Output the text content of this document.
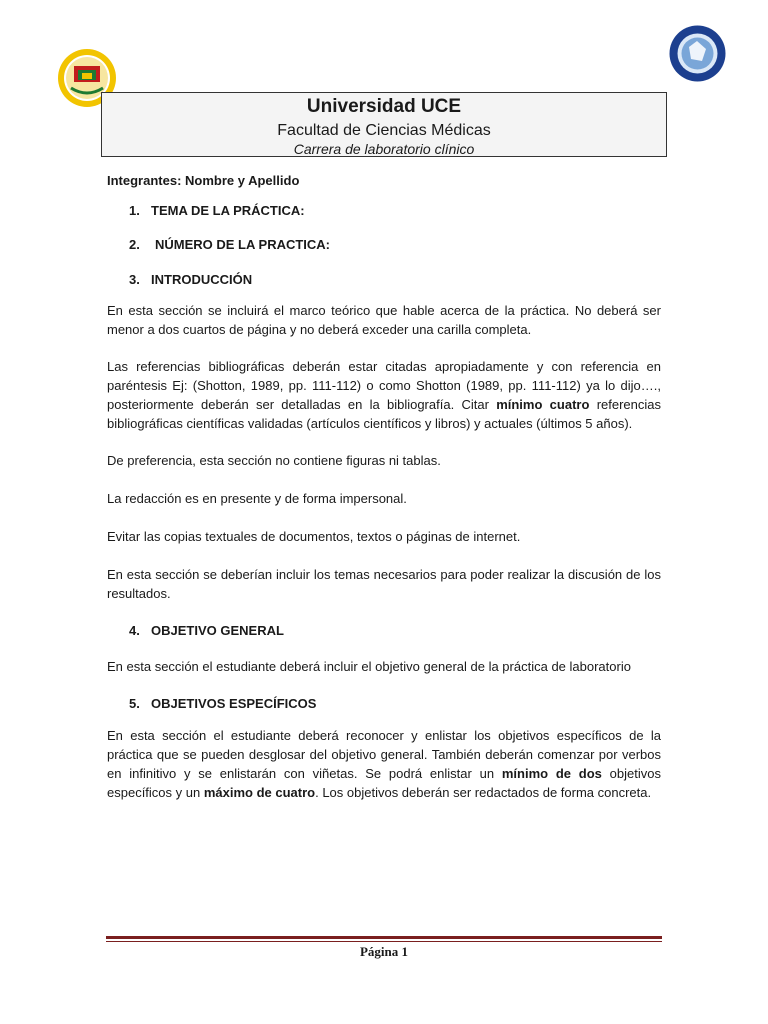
Universidad UCE
Facultad de Ciencias Médicas
Carrera de laboratorio clínico
Integrantes: Nombre y Apellido
1. TEMA DE LA PRÁCTICA:
2.	NÚMERO DE LA PRACTICA:
3. INTRODUCCIÓN

En esta sección se incluirá el marco teórico que hable acerca de la práctica. No deberá ser menor a dos cuartos de página y no deberá exceder una carilla completa.

Las referencias bibliográficas deberán estar citadas apropiadamente y con referencia en paréntesis Ej: (Shotton, 1989, pp. 111-112) o como Shotton (1989, pp. 111-112) ya lo dijo…., posteriormente deberán ser detalladas en la bibliografía. Citar mínimo cuatro referencias bibliográficas científicas validadas (artículos científicos y libros) y actuales (últimos 5 años).

De preferencia, esta sección no contiene figuras ni tablas.

La redacción es en presente y de forma impersonal.

Evitar las copias textuales de documentos, textos o páginas de internet.

En esta sección se deberían incluir los temas necesarios para poder realizar la discusión de los resultados.

4. OBJETIVO GENERAL

En esta sección el estudiante deberá incluir el objetivo general de la práctica de laboratorio

5. OBJETIVOS ESPECÍFICOS

En esta sección el estudiante deberá reconocer y enlistar los objetivos específicos de la práctica que se pueden desglosar del objetivo general. También deberán comenzar por verbos en infinitivo y se enlistarán con viñetas. Se podrá enlistar un mínimo de dos objetivos específicos y un máximo de cuatro. Los objetivos deberán ser redactados de forma concreta.

Página 1
